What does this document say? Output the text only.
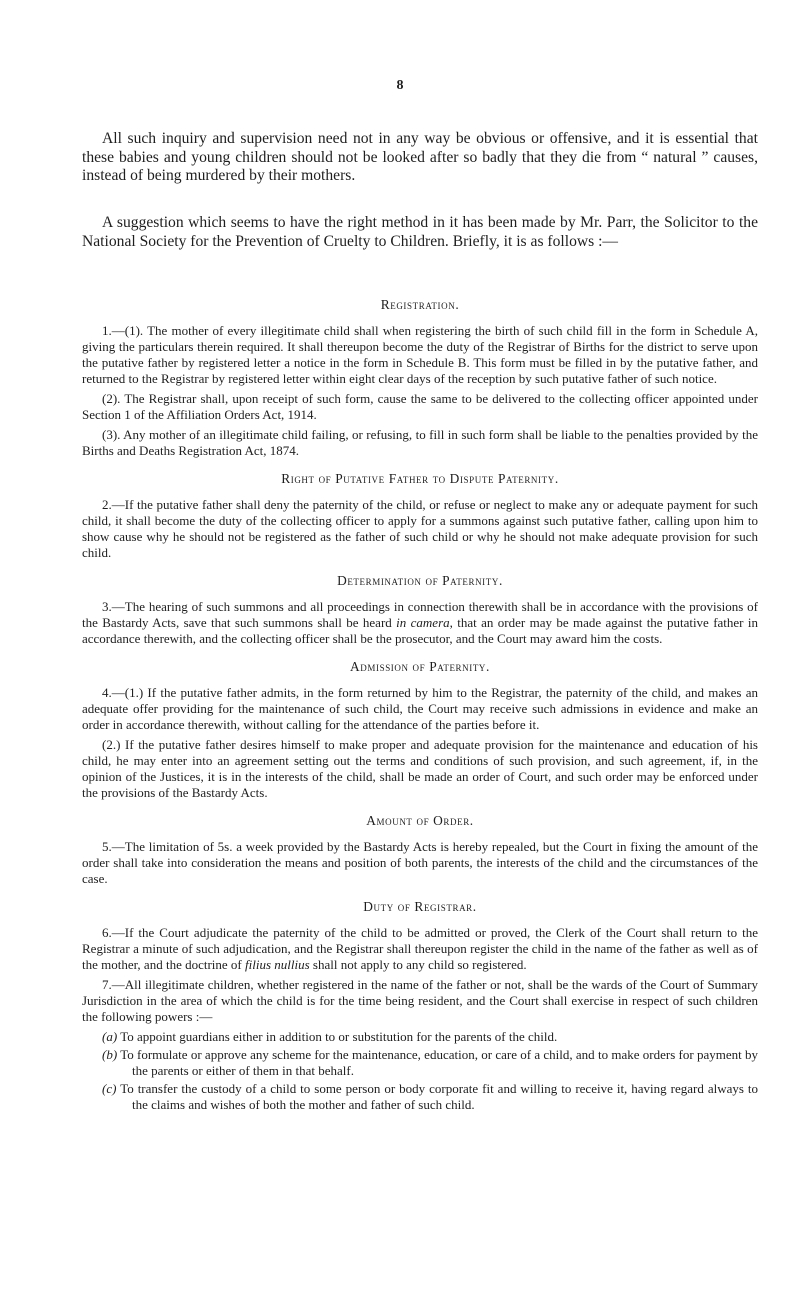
8

All such inquiry and supervision need not in any way be obvious or offensive, and it is essential that these babies and young children should not be looked after so badly that they die from “ natural ” causes, instead of being murdered by their mothers.

A suggestion which seems to have the right method in it has been made by Mr. Parr, the Solicitor to the National Society for the Prevention of Cruelty to Children. Briefly, it is as follows :—

Registration.

1.—(1). The mother of every illegitimate child shall when registering the birth of such child fill in the form in Schedule A, giving the particulars therein required. It shall thereupon become the duty of the Registrar of Births for the district to serve upon the putative father by registered letter a notice in the form in Schedule B. This form must be filled in by the putative father, and returned to the Registrar by registered letter within eight clear days of the reception by such putative father of such notice.

(2). The Registrar shall, upon receipt of such form, cause the same to be delivered to the collecting officer appointed under Section 1 of the Affiliation Orders Act, 1914.

(3). Any mother of an illegitimate child failing, or refusing, to fill in such form shall be liable to the penalties provided by the Births and Deaths Registration Act, 1874.

Right of Putative Father to Dispute Paternity.

2.—If the putative father shall deny the paternity of the child, or refuse or neglect to make any or adequate payment for such child, it shall become the duty of the collecting officer to apply for a summons against such putative father, calling upon him to show cause why he should not be registered as the father of such child or why he should not make adequate provision for such child.

Determination of Paternity.

3.—The hearing of such summons and all proceedings in connection therewith shall be in accordance with the provisions of the Bastardy Acts, save that such summons shall be heard in camera, that an order may be made against the putative father in accordance therewith, and the collecting officer shall be the prosecutor, and the Court may award him the costs.

Admission of Paternity.

4.—(1.) If the putative father admits, in the form returned by him to the Registrar, the paternity of the child, and makes an adequate offer providing for the maintenance of such child, the Court may receive such admissions in evidence and make an order in accordance therewith, without calling for the attendance of the parties before it.

(2.) If the putative father desires himself to make proper and adequate provision for the maintenance and education of his child, he may enter into an agreement setting out the terms and conditions of such provision, and such agreement, if, in the opinion of the Justices, it is in the interests of the child, shall be made an order of Court, and such order may be enforced under the provisions of the Bastardy Acts.

Amount of Order.

5.—The limitation of 5s. a week provided by the Bastardy Acts is hereby repealed, but the Court in fixing the amount of the order shall take into consideration the means and position of both parents, the interests of the child and the circumstances of the case.

Duty of Registrar.

6.—If the Court adjudicate the paternity of the child to be admitted or proved, the Clerk of the Court shall return to the Registrar a minute of such adjudication, and the Registrar shall thereupon register the child in the name of the father as well as of the mother, and the doctrine of filius nullius shall not apply to any child so registered.

7.—All illegitimate children, whether registered in the name of the father or not, shall be the wards of the Court of Summary Jurisdiction in the area of which the child is for the time being resident, and the Court shall exercise in respect of such children the following powers :—

(a) To appoint guardians either in addition to or substitution for the parents of the child.

(b) To formulate or approve any scheme for the maintenance, education, or care of a child, and to make orders for payment by the parents or either of them in that behalf.

(c) To transfer the custody of a child to some person or body corporate fit and willing to receive it, having regard always to the claims and wishes of both the mother and father of such child.
